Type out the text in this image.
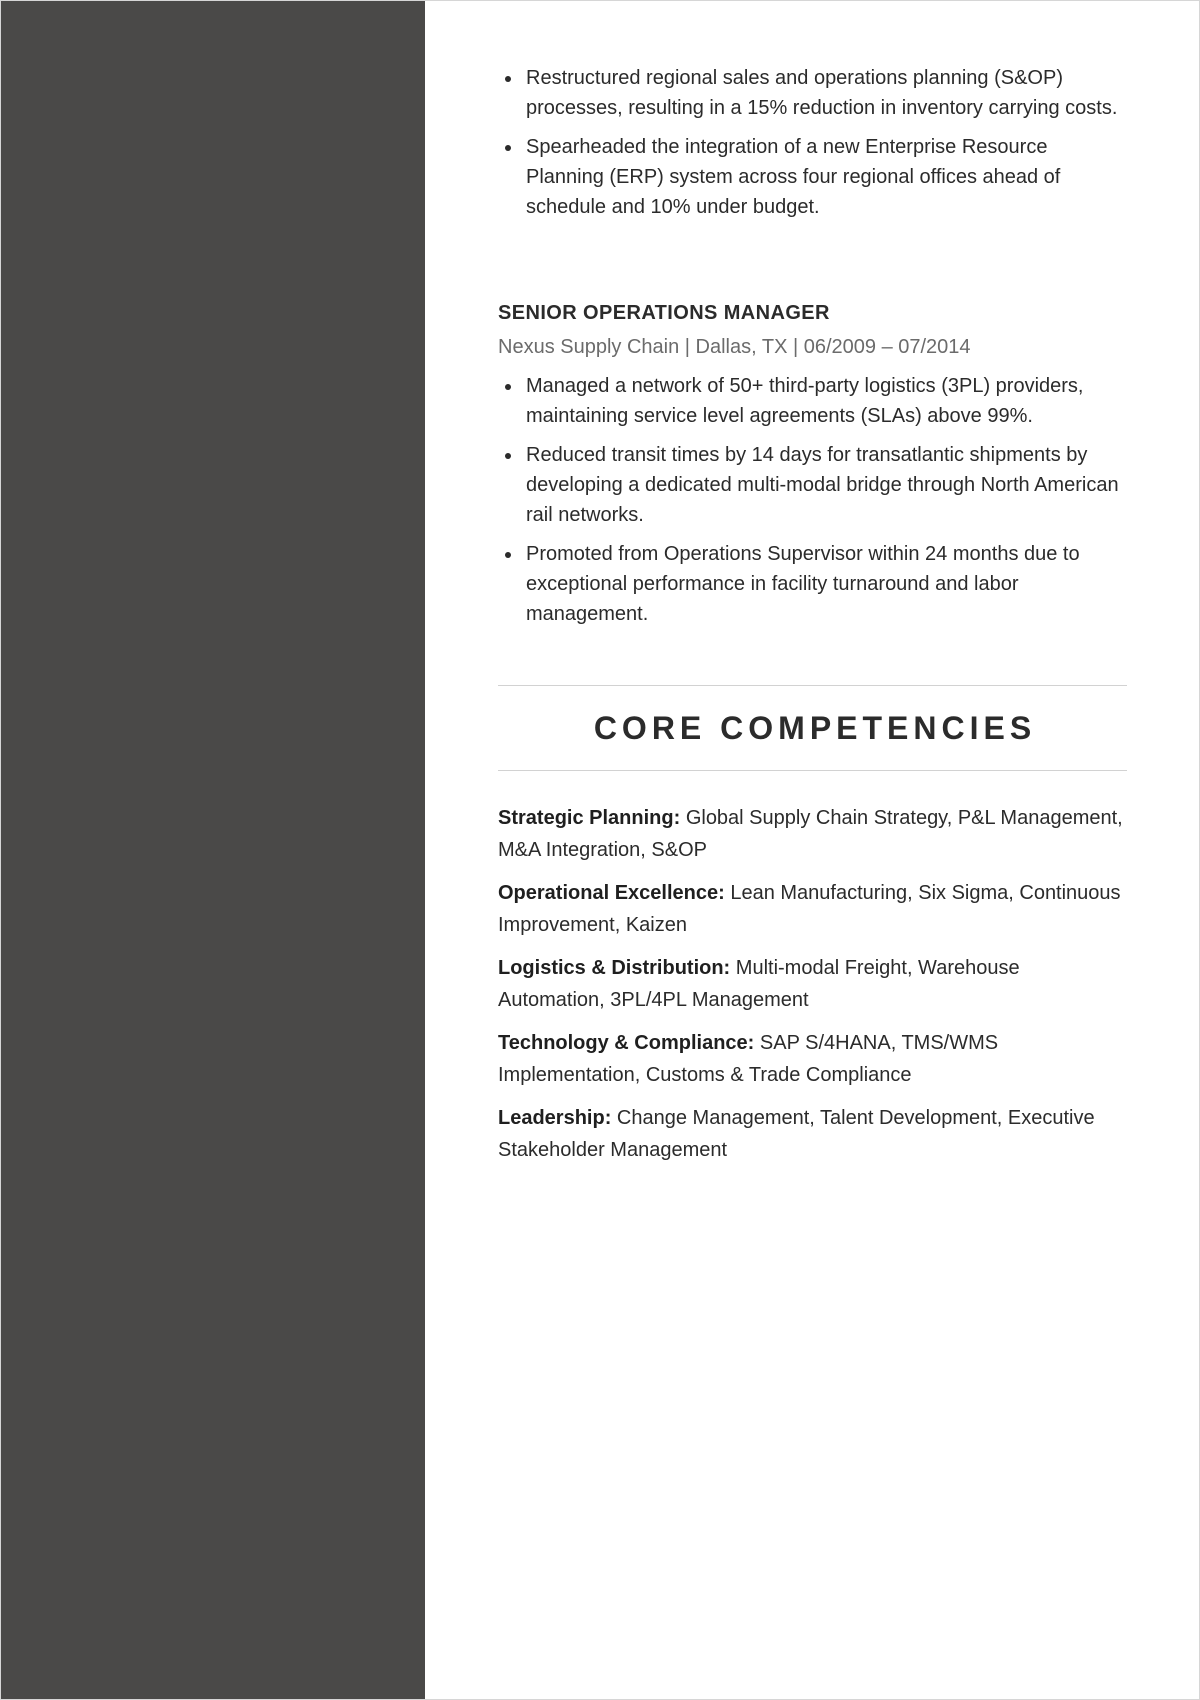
Restructured regional sales and operations planning (S&OP) processes, resulting in a 15% reduction in inventory carrying costs.
Spearheaded the integration of a new Enterprise Resource Planning (ERP) system across four regional offices ahead of schedule and 10% under budget.
SENIOR OPERATIONS MANAGER
Nexus Supply Chain | Dallas, TX | 06/2009 – 07/2014
Managed a network of 50+ third-party logistics (3PL) providers, maintaining service level agreements (SLAs) above 99%.
Reduced transit times by 14 days for transatlantic shipments by developing a dedicated multi-modal bridge through North American rail networks.
Promoted from Operations Supervisor within 24 months due to exceptional performance in facility turnaround and labor management.
CORE COMPETENCIES

Strategic Planning: Global Supply Chain Strategy, P&L Management, M&A Integration, S&OP

Operational Excellence: Lean Manufacturing, Six Sigma, Continuous Improvement, Kaizen

Logistics & Distribution: Multi-modal Freight, Warehouse Automation, 3PL/4PL Management

Technology & Compliance: SAP S/4HANA, TMS/WMS Implementation, Customs & Trade Compliance

Leadership: Change Management, Talent Development, Executive Stakeholder Management
